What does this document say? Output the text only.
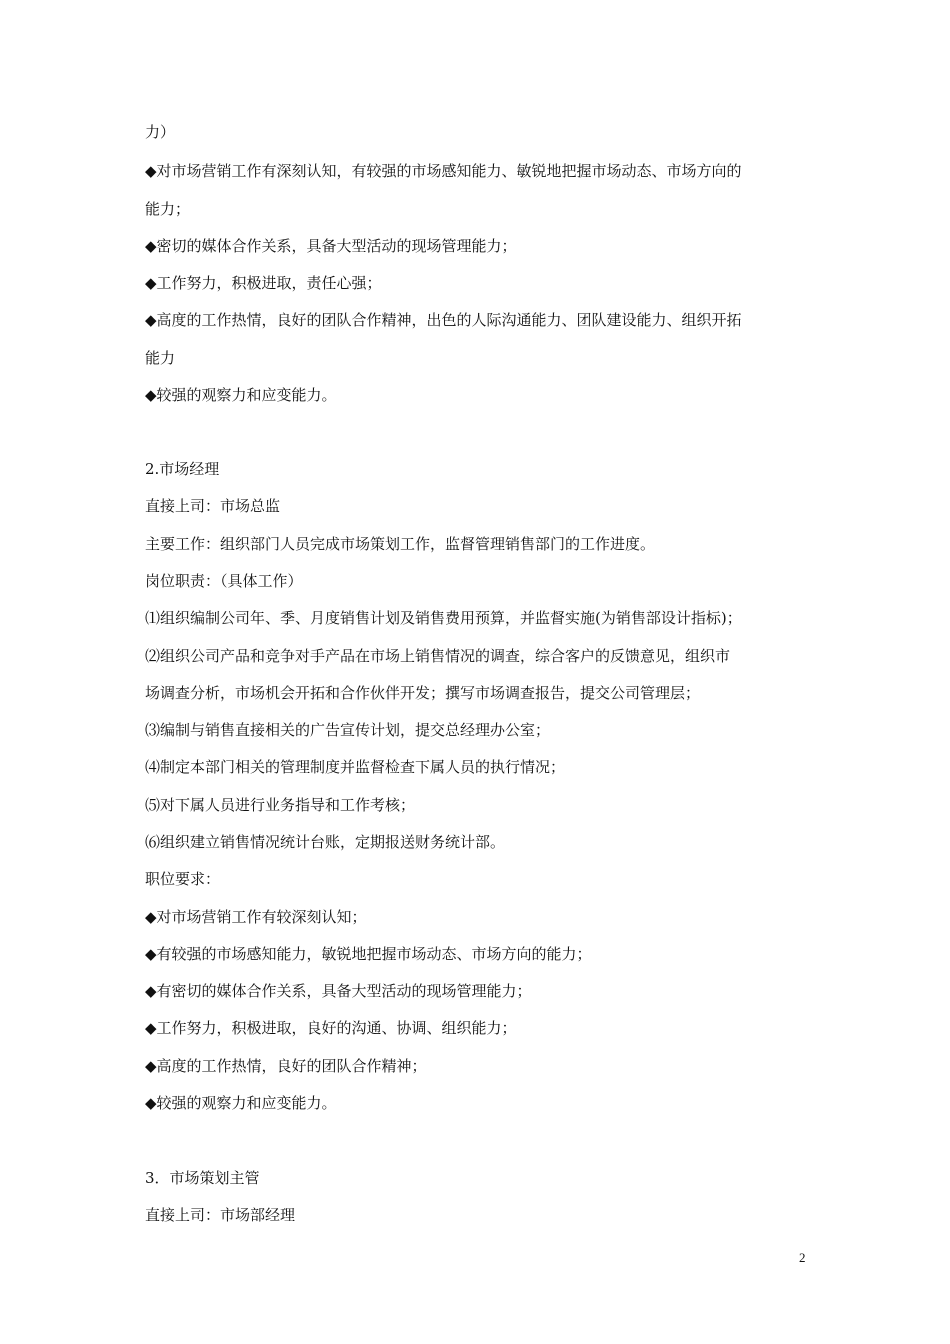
力）
◆对市场营销工作有深刻认知，有较强的市场感知能力、敏锐地把握市场动态、市场方向的
能力；
◆密切的媒体合作关系，具备大型活动的现场管理能力；
◆工作努力，积极进取，责任心强；
◆高度的工作热情，良好的团队合作精神，出色的人际沟通能力、团队建设能力、组织开拓
能力
◆较强的观察力和应变能力。
2.市场经理
直接上司：市场总监
主要工作：组织部门人员完成市场策划工作，监督管理销售部门的工作进度。
岗位职责：（具体工作）
⑴组织编制公司年、季、月度销售计划及销售费用预算，并监督实施(为销售部设计指标)；
⑵组织公司产品和竞争对手产品在市场上销售情况的调查，综合客户的反馈意见，组织市
场调查分析，市场机会开拓和合作伙伴开发；撰写市场调查报告，提交公司管理层；
⑶编制与销售直接相关的广告宣传计划，提交总经理办公室；
⑷制定本部门相关的管理制度并监督检查下属人员的执行情况；
⑸对下属人员进行业务指导和工作考核；
⑹组织建立销售情况统计台账，定期报送财务统计部。
职位要求：
◆对市场营销工作有较深刻认知；
◆有较强的市场感知能力，敏锐地把握市场动态、市场方向的能力；
◆有密切的媒体合作关系，具备大型活动的现场管理能力；
◆工作努力，积极进取，良好的沟通、协调、组织能力；
◆高度的工作热情，良好的团队合作精神；
◆较强的观察力和应变能力。
3．市场策划主管
直接上司：市场部经理
2
